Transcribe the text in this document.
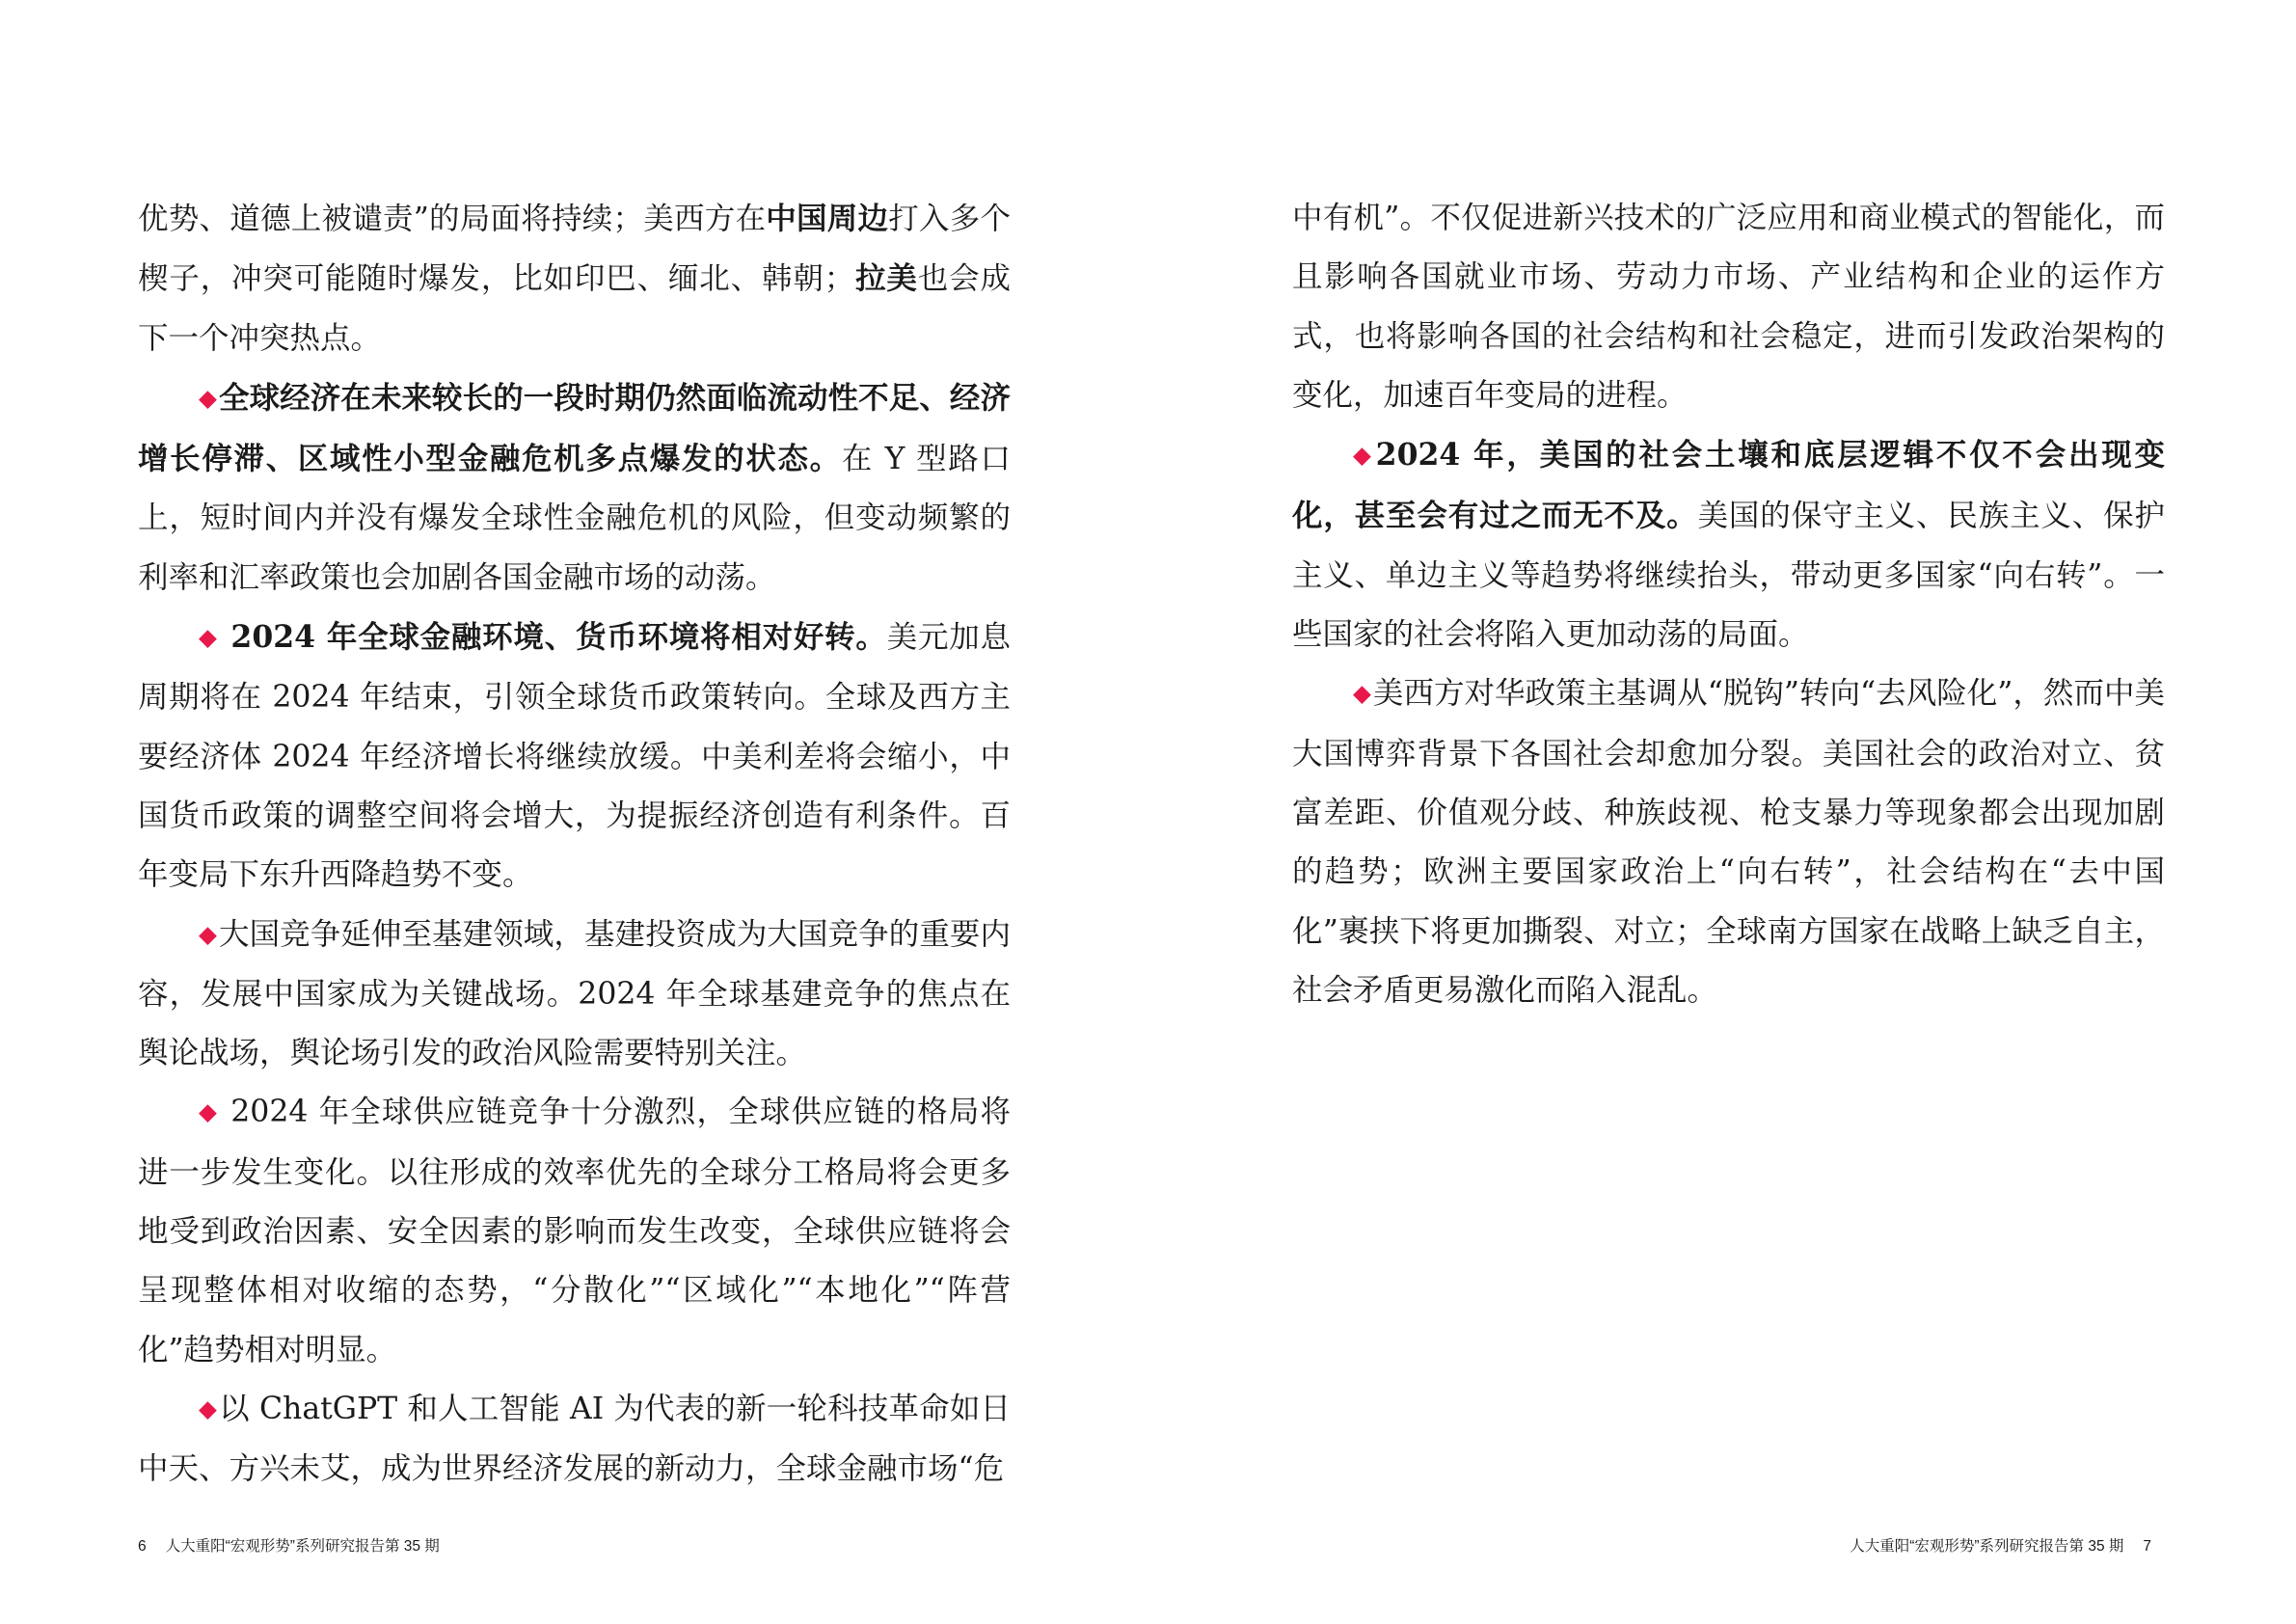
优势、道德上被谴责”的局面将持续；美西方在中国周边打入多个楔子，冲突可能随时爆发，比如印巴、缅北、韩朝；拉美也会成下一个冲突热点。

◆全球经济在未来较长的一段时期仍然面临流动性不足、经济增长停滞、区域性小型金融危机多点爆发的状态。在 Y 型路口上，短时间内并没有爆发全球性金融危机的风险，但变动频繁的利率和汇率政策也会加剧各国金融市场的动荡。

◆ 2024 年全球金融环境、货币环境将相对好转。美元加息周期将在 2024 年结束，引领全球货币政策转向。全球及西方主要经济体 2024 年经济增长将继续放缓。中美利差将会缩小，中国货币政策的调整空间将会增大，为提振经济创造有利条件。百年变局下东升西降趋势不变。

◆大国竞争延伸至基建领域，基建投资成为大国竞争的重要内容，发展中国家成为关键战场。2024 年全球基建竞争的焦点在舆论战场，舆论场引发的政治风险需要特别关注。

◆ 2024 年全球供应链竞争十分激烈，全球供应链的格局将进一步发生变化。以往形成的效率优先的全球分工格局将会更多地受到政治因素、安全因素的影响而发生改变，全球供应链将会呈现整体相对收缩的态势，“分散化”“区域化”“本地化”“阵营化”趋势相对明显。

◆以 ChatGPT 和人工智能 AI 为代表的新一轮科技革命如日中天、方兴未艾，成为世界经济发展的新动力，全球金融市场“危

6 人大重阳“宏观形势”系列研究报告第 35 期

中有机”。不仅促进新兴技术的广泛应用和商业模式的智能化，而且影响各国就业市场、劳动力市场、产业结构和企业的运作方式，也将影响各国的社会结构和社会稳定，进而引发政治架构的变化，加速百年变局的进程。

◆2024 年，美国的社会土壤和底层逻辑不仅不会出现变化，甚至会有过之而无不及。美国的保守主义、民族主义、保护主义、单边主义等趋势将继续抬头，带动更多国家“向右转”。一些国家的社会将陷入更加动荡的局面。

◆美西方对华政策主基调从“脱钩”转向“去风险化”，然而中美大国博弈背景下各国社会却愈加分裂。美国社会的政治对立、贫富差距、价值观分歧、种族歧视、枪支暴力等现象都会出现加剧的趋势；欧洲主要国家政治上“向右转”，社会结构在“去中国化”裹挟下将更加撕裂、对立；全球南方国家在战略上缺乏自主，社会矛盾更易激化而陷入混乱。

人大重阳“宏观形势”系列研究报告第 35 期 7
